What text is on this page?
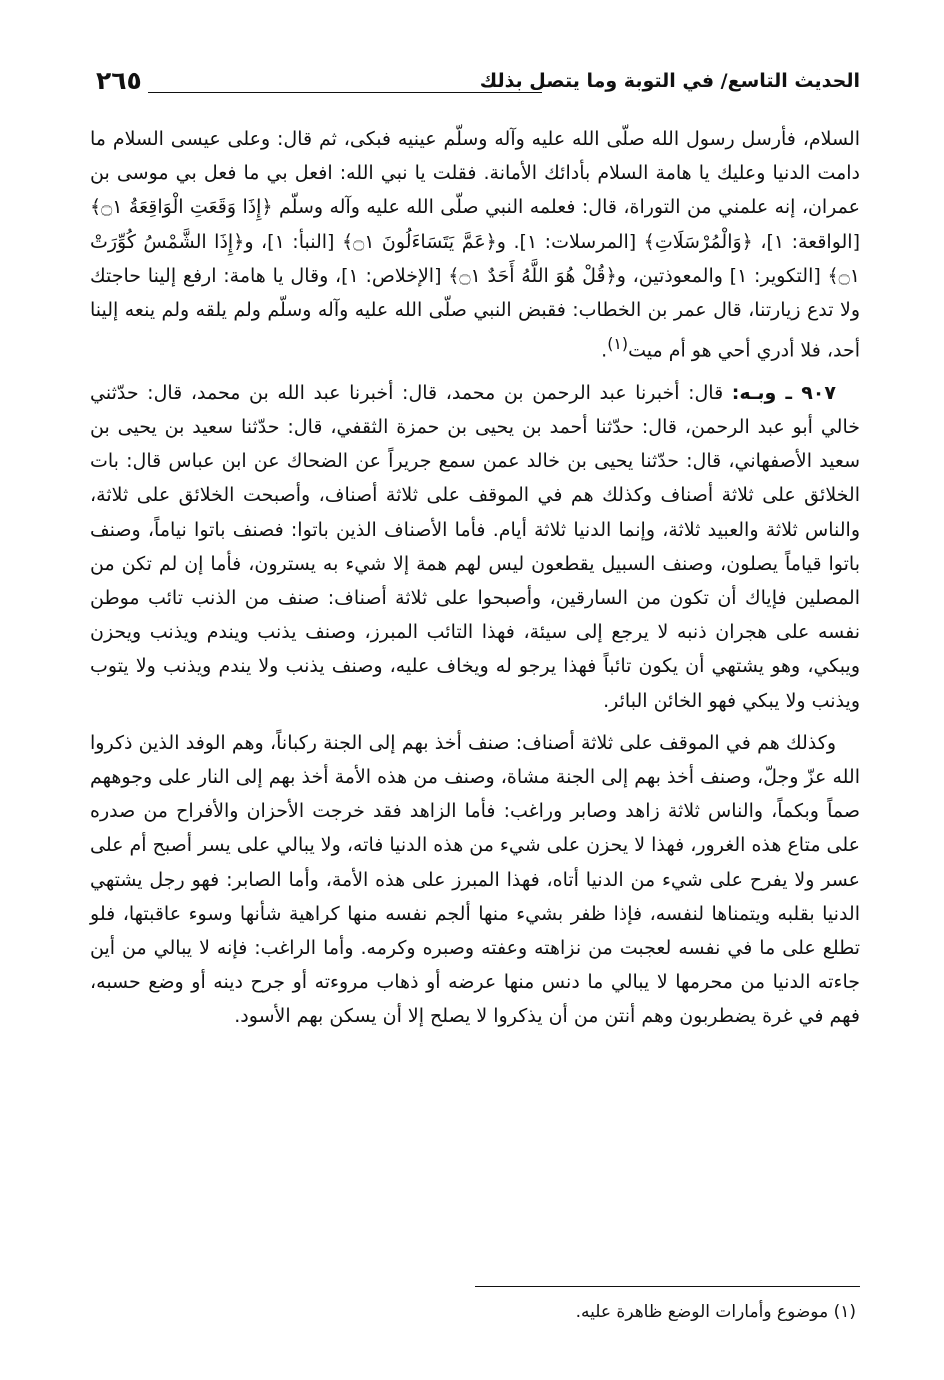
الحديث التاسع/ في التوبة وما يتصل بذلك
٢٦٥

السلام، فأرسل رسول الله صلّى الله عليه وآله وسلّم عينيه فبكى، ثم قال: وعلى عيسى السلام ما دامت الدنيا وعليك يا هامة السلام بأدائك الأمانة. فقلت يا نبي الله: افعل بي ما فعل بي موسى بن عمران، إنه علمني من التوراة، قال: فعلمه النبي صلّى الله عليه وآله وسلّم ﴿إِذَا وَقَعَتِ الْوَاقِعَةُ ۝١﴾ [الواقعة: ١]، ﴿وَالْمُرْسَلَاتِ﴾ [المرسلات: ١]. و﴿عَمَّ يَتَسَاءَلُونَ ۝١﴾ [النبأ: ١]، و﴿إِذَا الشَّمْسُ كُوِّرَتْ ۝١﴾ [التكوير: ١] والمعوذتين، و﴿قُلْ هُوَ اللَّهُ أَحَدٌ ۝١﴾ [الإخلاص: ١]، وقال يا هامة: ارفع إلينا حاجتك ولا تدع زيارتنا، قال عمر بن الخطاب: فقبض النبي صلّى الله عليه وآله وسلّم ولم يلقه ولم ينعه إلينا أحد، فلا أدري أحي هو أم ميت$^{(١)}$.

٩٠٧ ـ وبـه: قال: أخبرنا عبد الرحمن بن محمد، قال: أخبرنا عبد الله بن محمد، قال: حدّثني خالي أبو عبد الرحمن، قال: حدّثنا أحمد بن يحيى بن حمزة الثقفي، قال: حدّثنا سعيد بن يحيى بن سعيد الأصفهاني، قال: حدّثنا يحيى بن خالد عمن سمع جريراً عن الضحاك عن ابن عباس قال: بات الخلائق على ثلاثة أصناف وكذلك هم في الموقف على ثلاثة أصناف، وأصبحت الخلائق على ثلاثة، والناس ثلاثة والعبيد ثلاثة، وإنما الدنيا ثلاثة أيام. فأما الأصناف الذين باتوا: فصنف باتوا نياماً، وصنف باتوا قياماً يصلون، وصنف السبيل يقطعون ليس لهم همة إلا شيء به يسترون، فأما إن لم تكن من المصلين فإياك أن تكون من السارقين، وأصبحوا على ثلاثة أصناف: صنف من الذنب تائب موطن نفسه على هجران ذنبه لا يرجع إلى سيئة، فهذا التائب المبرز، وصنف يذنب ويندم ويذنب ويحزن ويبكي، وهو يشتهي أن يكون تائباً فهذا يرجو له ويخاف عليه، وصنف يذنب ولا يندم ويذنب ولا يتوب ويذنب ولا يبكي فهو الخائن البائر.

وكذلك هم في الموقف على ثلاثة أصناف: صنف أخذ بهم إلى الجنة ركباناً، وهم الوفد الذين ذكروا الله عزّ وجلّ، وصنف أخذ بهم إلى الجنة مشاة، وصنف من هذه الأمة أخذ بهم إلى النار على وجوههم صماً وبكماً، والناس ثلاثة زاهد وصابر وراغب: فأما الزاهد فقد خرجت الأحزان والأفراح من صدره على متاع هذه الغرور، فهذا لا يحزن على شيء من هذه الدنيا فاته، ولا يبالي على يسر أصبح أم على عسر ولا يفرح على شيء من الدنيا أتاه، فهذا المبرز على هذه الأمة، وأما الصابر: فهو رجل يشتهي الدنيا بقلبه ويتمناها لنفسه، فإذا ظفر بشيء منها ألجم نفسه منها كراهية شأنها وسوء عاقبتها، فلو تطلع على ما في نفسه لعجبت من نزاهته وعفته وصبره وكرمه. وأما الراغب: فإنه لا يبالي من أين جاءته الدنيا من محرمها لا يبالي ما دنس منها عرضه أو ذهاب مروءته أو جرح دينه أو وضع حسبه، فهم في غرة يضطربون وهم أنتن من أن يذكروا لا يصلح إلا أن يسكن بهم الأسود.

(١) موضوع وأمارات الوضع ظاهرة عليه.
